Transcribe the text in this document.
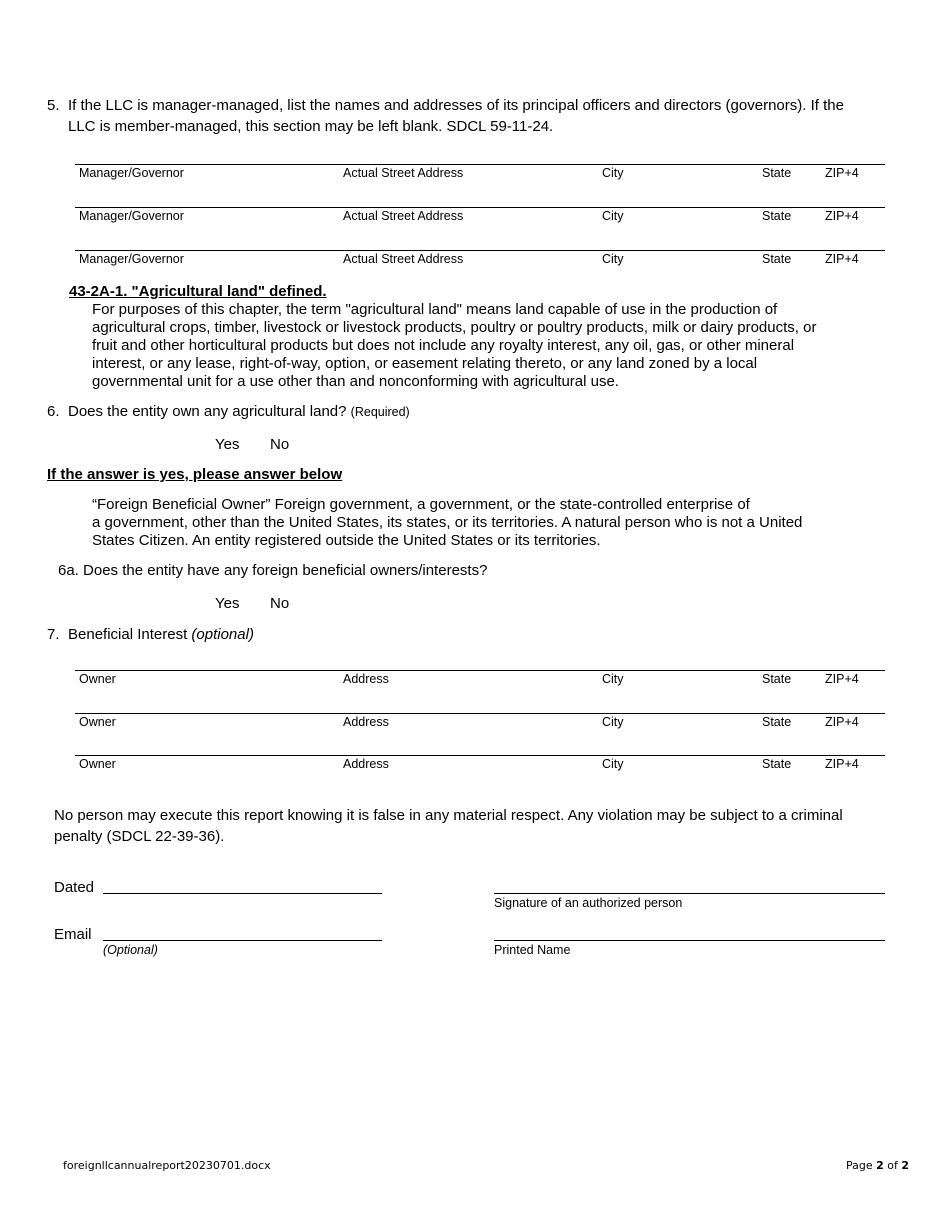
5. If the LLC is manager-managed, list the names and addresses of its principal officers and directors (governors). If the
LLC is member-managed, this section may be left blank. SDCL 59-11-24.
Manager/Governor	Actual Street Address	City	State	ZIP+4
Manager/Governor	Actual Street Address	City	State	ZIP+4
Manager/Governor	Actual Street Address	City	State	ZIP+4
43-2A-1. "Agricultural land" defined.
For purposes of this chapter, the term "agricultural land" means land capable of use in the production of
agricultural crops, timber, livestock or livestock products, poultry or poultry products, milk or dairy products, or
fruit and other horticultural products but does not include any royalty interest, any oil, gas, or other mineral
interest, or any lease, right-of-way, option, or easement relating thereto, or any land zoned by a local
governmental unit for a use other than and nonconforming with agricultural use.
6. Does the entity own any agricultural land? (Required)
Yes No
If the answer is yes, please answer below
“Foreign Beneficial Owner” Foreign government, a government, or the state-controlled enterprise of
a government, other than the United States, its states, or its territories. A natural person who is not a United
States Citizen. An entity registered outside the United States or its territories.
6a. Does the entity have any foreign beneficial owners/interests?
Yes No
7. Beneficial Interest (optional)
Owner	Address	City	State	ZIP+4
Owner	Address	City	State	ZIP+4
Owner	Address	City	State	ZIP+4
No person may execute this report knowing it is false in any material respect. Any violation may be subject to a criminal
penalty (SDCL 22-39-36).
Dated
Signature of an authorized person
Email
(Optional)	Printed Name
foreignllcannualreport20230701.docx	Page 2 of 2
